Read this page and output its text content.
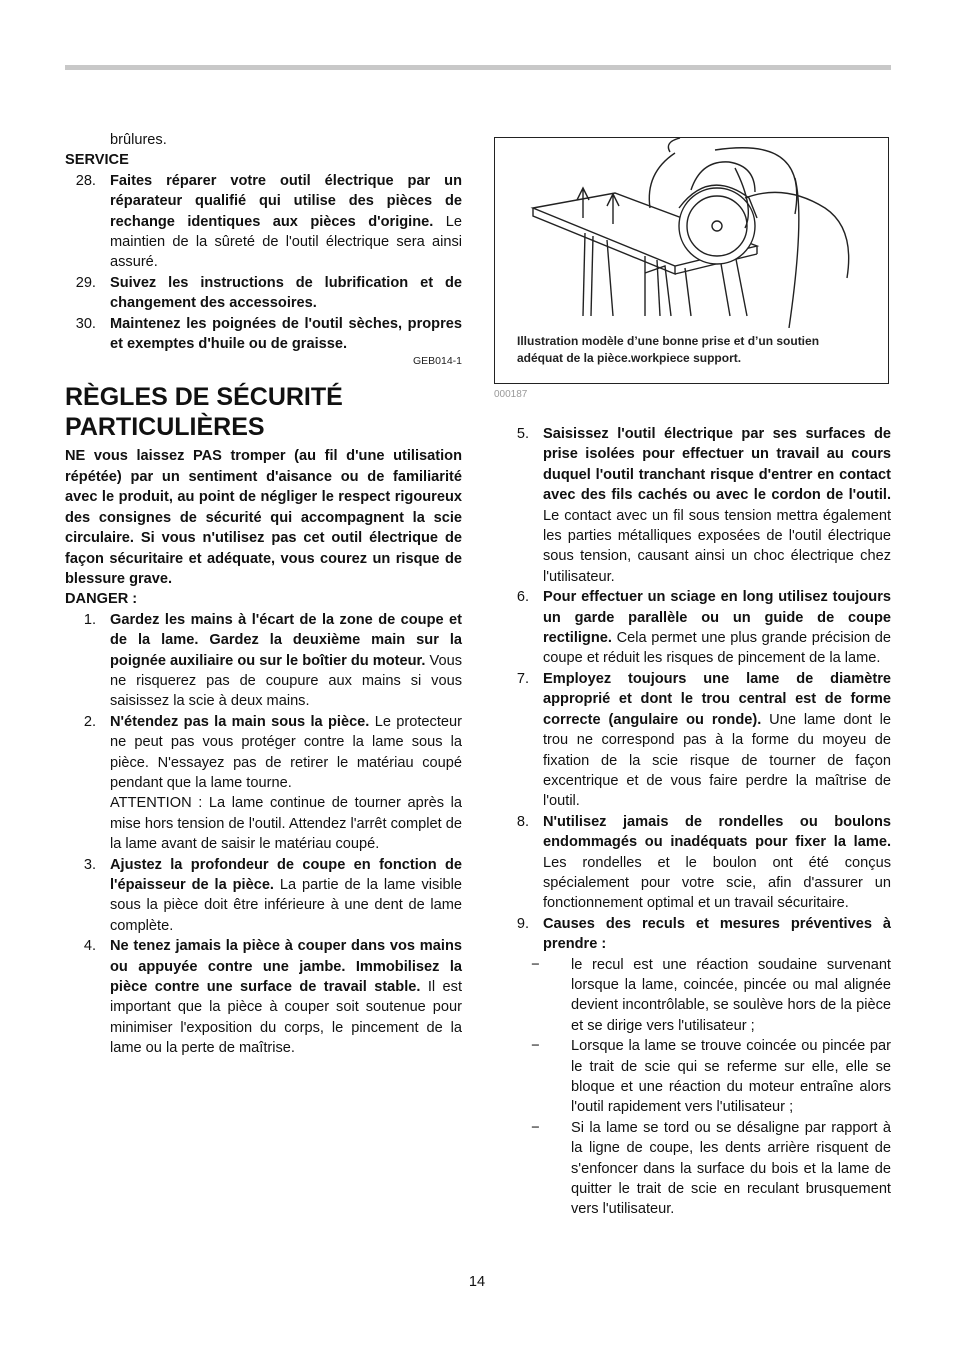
brûlures.
SERVICE
28. Faites réparer votre outil électrique par un réparateur qualifié qui utilise des pièces de rechange identiques aux pièces d'origine. Le maintien de la sûreté de l'outil électrique sera ainsi assuré.
29. Suivez les instructions de lubrification et de changement des accessoires.
30. Maintenez les poignées de l'outil sèches, propres et exemptes d'huile ou de graisse.
GEB014-1
RÈGLES DE SÉCURITÉ
PARTICULIÈRES
NE vous laissez PAS tromper (au fil d'une utilisation répétée) par un sentiment d'aisance ou de familiarité avec le produit, au point de négliger le respect rigoureux des consignes de sécurité qui accompagnent la scie circulaire. Si vous n'utilisez pas cet outil électrique de façon sécuritaire et adéquate, vous courez un risque de blessure grave.
DANGER :
1. Gardez les mains à l'écart de la zone de coupe et de la lame. Gardez la deuxième main sur la poignée auxiliaire ou sur le boîtier du moteur. Vous ne risquerez pas de coupure aux mains si vous saisissez la scie à deux mains.
2. N'étendez pas la main sous la pièce. Le protecteur ne peut pas vous protéger contre la lame sous la pièce. N'essayez pas de retirer le matériau coupé pendant que la lame tourne.
ATTENTION : La lame continue de tourner après la mise hors tension de l'outil. Attendez l'arrêt complet de la lame avant de saisir le matériau coupé.
3. Ajustez la profondeur de coupe en fonction de l'épaisseur de la pièce. La partie de la lame visible sous la pièce doit être inférieure à une dent de lame complète.
4. Ne tenez jamais la pièce à couper dans vos mains ou appuyée contre une jambe. Immobilisez la pièce contre une surface de travail stable. Il est important que la pièce à couper soit soutenue pour minimiser l'exposition du corps, le pincement de la lame ou la perte de maîtrise.
Illustration modèle d’une bonne prise et d’un soutien adéquat de la pièce.workpiece support.
000187
5. Saisissez l'outil électrique par ses surfaces de prise isolées pour effectuer un travail au cours duquel l'outil tranchant risque d'entrer en contact avec des fils cachés ou avec le cordon de l'outil. Le contact avec un fil sous tension mettra également les parties métalliques exposées de l'outil électrique sous tension, causant ainsi un choc électrique chez l'utilisateur.
6. Pour effectuer un sciage en long utilisez toujours un garde parallèle ou un guide de coupe rectiligne. Cela permet une plus grande précision de coupe et réduit les risques de pincement de la lame.
7. Employez toujours une lame de diamètre approprié et dont le trou central est de forme correcte (angulaire ou ronde). Une lame dont le trou ne correspond pas à la forme du moyeu de fixation de la scie risque de tourner de façon excentrique et de vous faire perdre la maîtrise de l'outil.
8. N'utilisez jamais de rondelles ou boulons endommagés ou inadéquats pour fixer la lame. Les rondelles et le boulon ont été conçus spécialement pour votre scie, afin d'assurer un fonctionnement optimal et un travail sécuritaire.
9. Causes des reculs et mesures préventives à prendre :
− le recul est une réaction soudaine survenant lorsque la lame, coincée, pincée ou mal alignée devient incontrôlable, se soulève hors de la pièce et se dirige vers l'utilisateur ;
− Lorsque la lame se trouve coincée ou pincée par le trait de scie qui se referme sur elle, elle se bloque et une réaction du moteur entraîne alors l'outil rapidement vers l'utilisateur ;
− Si la lame se tord ou se désaligne par rapport à la ligne de coupe, les dents arrière risquent de s'enfoncer dans la surface du bois et la lame de quitter le trait de scie en reculant brusquement vers l'utilisateur.
14
